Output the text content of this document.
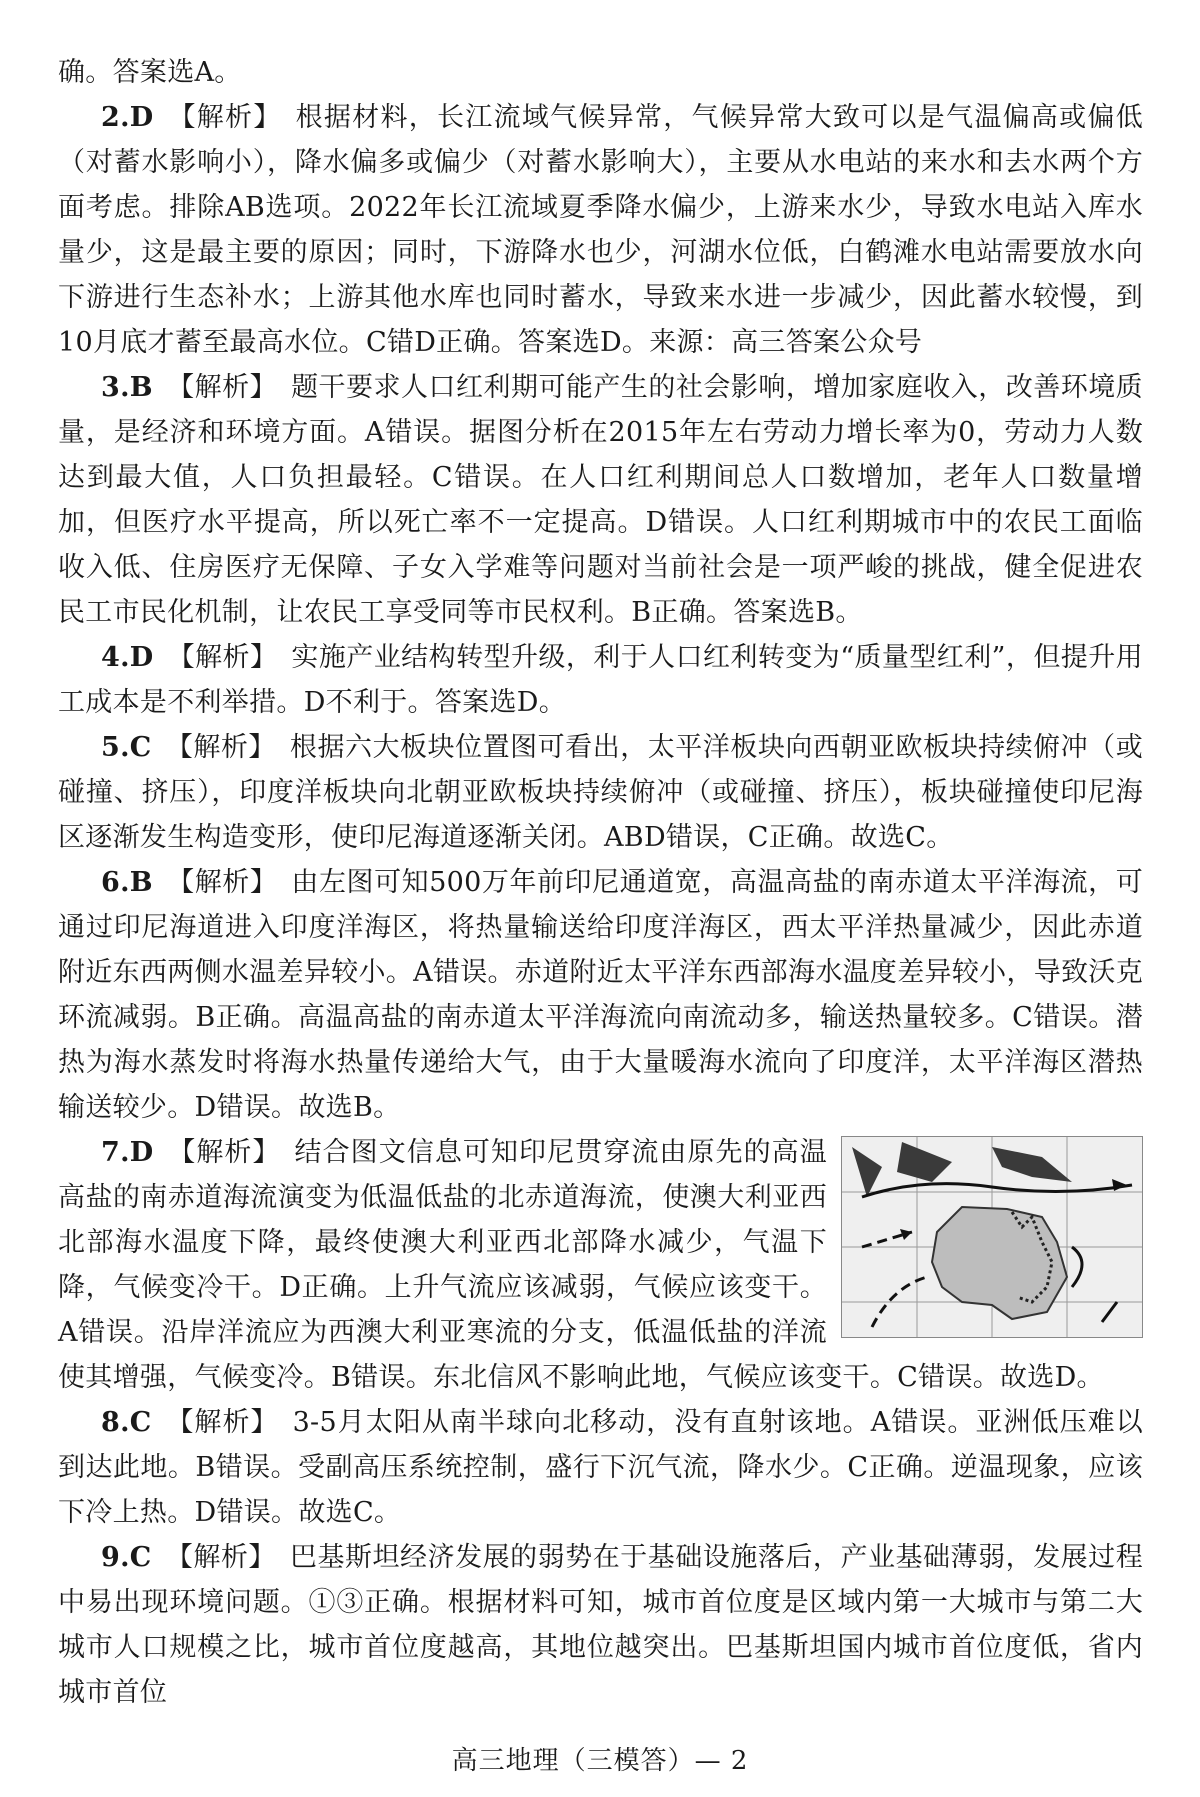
确。答案选A。

2.D 【解析】 根据材料，长江流域气候异常，气候异常大致可以是气温偏高或偏低（对蓄水影响小），降水偏多或偏少（对蓄水影响大），主要从水电站的来水和去水两个方面考虑。排除AB选项。2022年长江流域夏季降水偏少，上游来水少，导致水电站入库水量少，这是最主要的原因；同时，下游降水也少，河湖水位低，白鹤滩水电站需要放水向下游进行生态补水；上游其他水库也同时蓄水，导致来水进一步减少，因此蓄水较慢，到10月底才蓄至最高水位。C错D正确。答案选D。来源：高三答案公众号

3.B 【解析】 题干要求人口红利期可能产生的社会影响，增加家庭收入，改善环境质量，是经济和环境方面。A错误。据图分析在2015年左右劳动力增长率为0，劳动力人数达到最大值，人口负担最轻。C错误。在人口红利期间总人口数增加，老年人口数量增加，但医疗水平提高，所以死亡率不一定提高。D错误。人口红利期城市中的农民工面临收入低、住房医疗无保障、子女入学难等问题对当前社会是一项严峻的挑战，健全促进农民工市民化机制，让农民工享受同等市民权利。B正确。答案选B。

4.D 【解析】 实施产业结构转型升级，利于人口红利转变为“质量型红利”，但提升用工成本是不利举措。D不利于。答案选D。

5.C 【解析】 根据六大板块位置图可看出，太平洋板块向西朝亚欧板块持续俯冲（或碰撞、挤压），印度洋板块向北朝亚欧板块持续俯冲（或碰撞、挤压），板块碰撞使印尼海区逐渐发生构造变形，使印尼海道逐渐关闭。ABD错误，C正确。故选C。

6.B 【解析】 由左图可知500万年前印尼通道宽，高温高盐的南赤道太平洋海流，可通过印尼海道进入印度洋海区，将热量输送给印度洋海区，西太平洋热量减少，因此赤道附近东西两侧水温差异较小。A错误。赤道附近太平洋东西部海水温度差异较小，导致沃克环流减弱。B正确。高温高盐的南赤道太平洋海流向南流动多，输送热量较多。C错误。潜热为海水蒸发时将海水热量传递给大气，由于大量暖海水流向了印度洋，太平洋海区潜热输送较少。D错误。故选B。

7.D 【解析】 结合图文信息可知印尼贯穿流由原先的高温高盐的南赤道海流演变为低温低盐的北赤道海流，使澳大利亚西北部海水温度下降，最终使澳大利亚西北部降水减少，气温下降，气候变冷干。D正确。上升气流应该减弱，气候应该变干。A错误。沿岸洋流应为西澳大利亚寒流的分支，低温低盐的洋流使其增强，气候变冷。B错误。东北信风不影响此地，气候应该变干。C错误。故选D。

8.C 【解析】 3-5月太阳从南半球向北移动，没有直射该地。A错误。亚洲低压难以到达此地。B错误。受副高压系统控制，盛行下沉气流，降水少。C正确。逆温现象，应该下冷上热。D错误。故选C。

9.C 【解析】 巴基斯坦经济发展的弱势在于基础设施落后，产业基础薄弱，发展过程中易出现环境问题。①③正确。根据材料可知，城市首位度是区域内第一大城市与第二大城市人口规模之比，城市首位度越高，其地位越突出。巴基斯坦国内城市首位度低，省内城市首位

高三地理（三模答）— 2
